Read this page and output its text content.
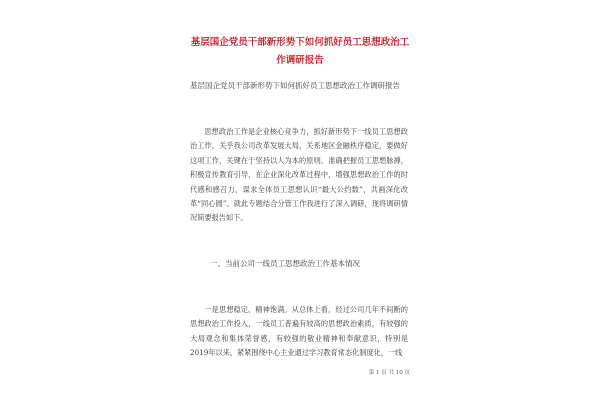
基层国企党员干部新形势下如何抓好员工思想政治工作调研报告

基层国企党员干部新形势下如何抓好员工思想政治工作调研报告

思想政治工作是企业核心竞争力，抓好新形势下一线员工思想政治工作，关乎我公司改革发展大局，关系地区金融秩序稳定，要做好这项工作，关键在于坚持以人为本的原则，准确把握员工思想脉搏，积极宣传教育引导，在企业深化改革过程中，增强思想政治工作的时代感和感召力，谋求全体员工思想认识“最大公约数”，共画深化改革“同心圆”。就此专题结合分管工作我进行了深入调研，现将调研情况简要报告如下。

一、当前公司一线员工思想政治工作基本情况

一是思想稳定、精神饱满。从总体上看，经过公司几年不间断的思想政治工作投入，一线员工普遍有较高的思想政治素质，有较强的大局观念和集体荣誉感，有较强的敬业精神和奉献意识，特别是2019年以来，紧紧围绕中心主业通过学习教育常态化制度化，一线

第 1 页 共 10 页
